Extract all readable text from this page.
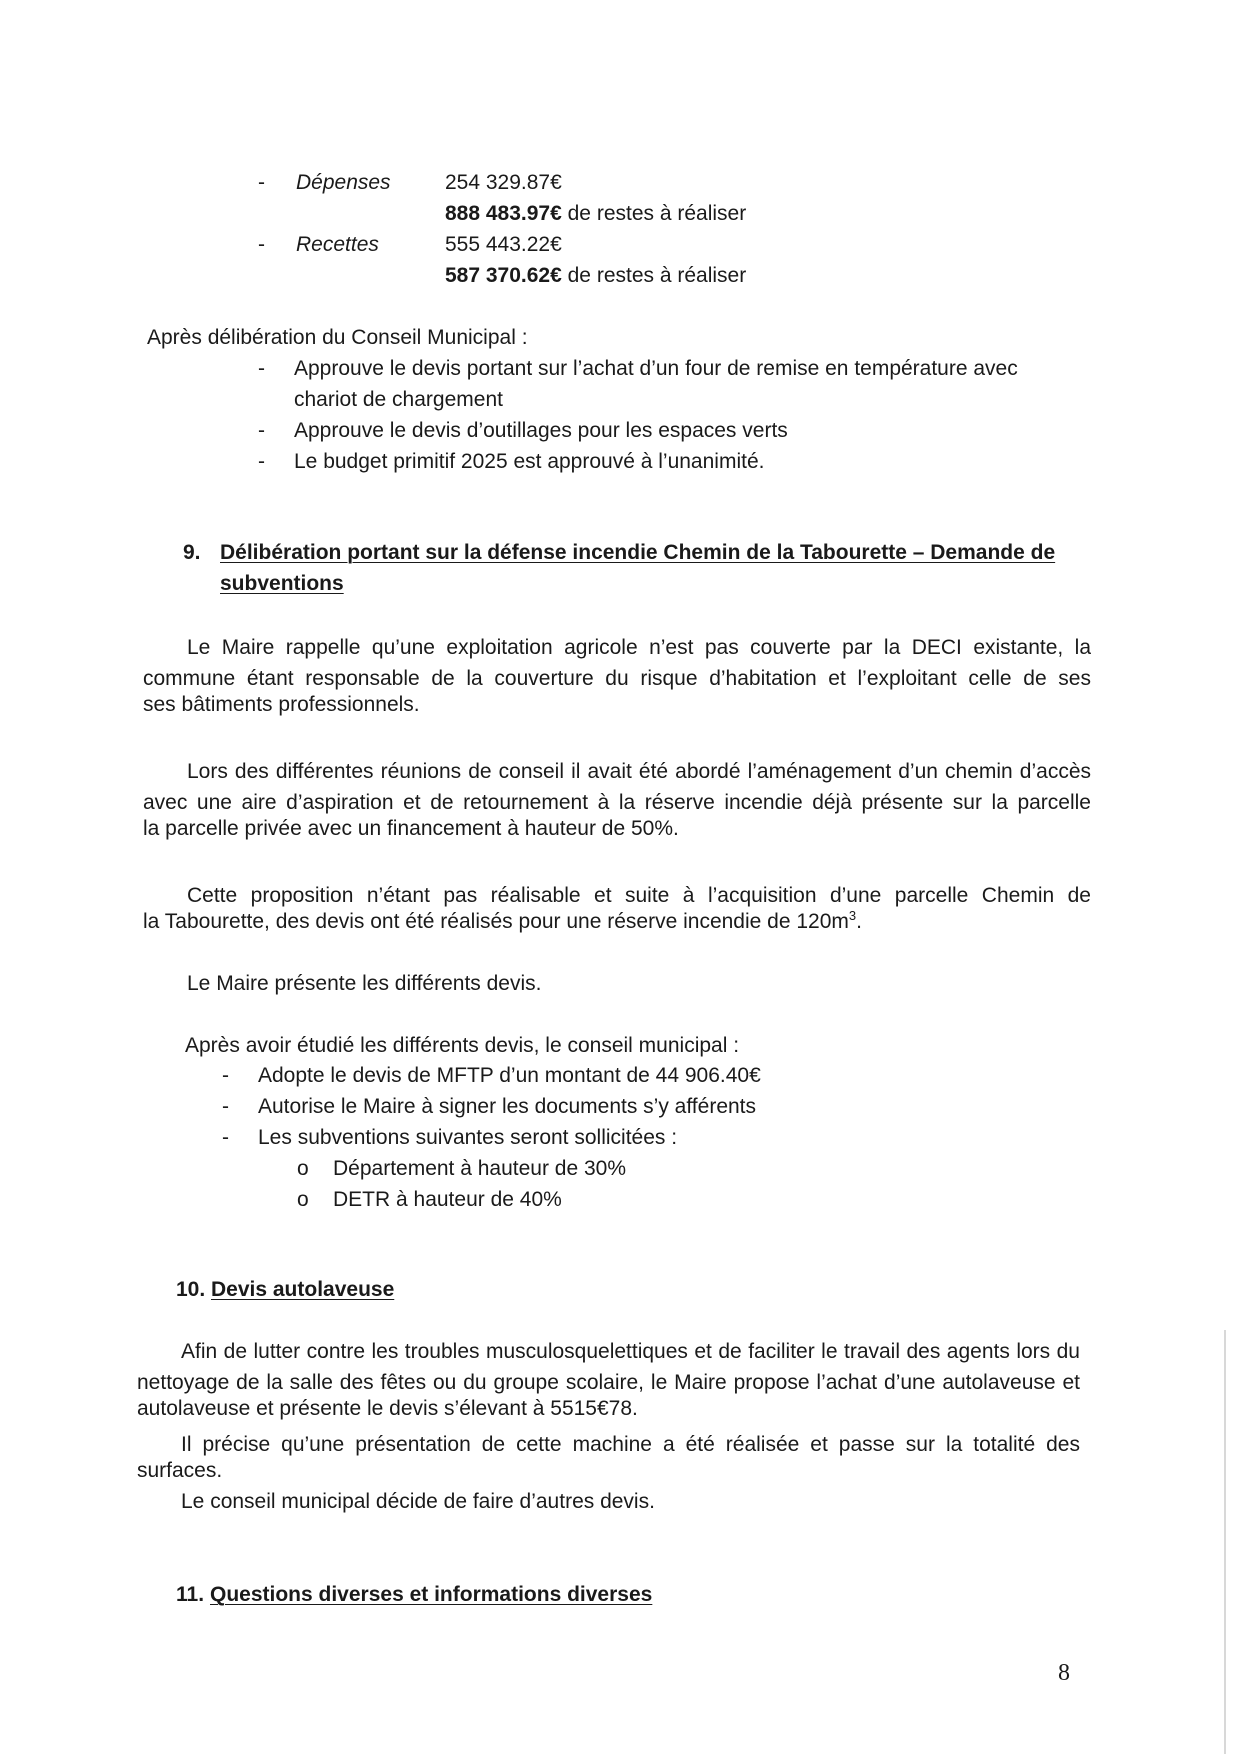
- Dépenses	254 329.87€
888 483.97€ de restes à réaliser
- Recettes	555 443.22€
587 370.62€ de restes à réaliser
Après délibération du Conseil Municipal :
- Approuve le devis portant sur l’achat d’un four de remise en température avec
chariot de chargement
- Approuve le devis d’outillages pour les espaces verts
- Le budget primitif 2025 est approuvé à l’unanimité.
9. Délibération portant sur la défense incendie Chemin de la Tabourette – Demande de
subventions
Le Maire rappelle qu’une exploitation agricole n’est pas couverte par la DECI existante, la commune étant responsable de la couverture du risque d’habitation et l’exploitant celle de ses
ses bâtiments professionnels.
Lors des différentes réunions de conseil il avait été abordé l’aménagement d’un chemin d’accès avec une aire d’aspiration et de retournement à la réserve incendie déjà présente sur la parcelle
la parcelle privée avec un financement à hauteur de 50%.
Cette proposition n’étant pas réalisable et suite à l’acquisition d’une parcelle Chemin de
la Tabourette, des devis ont été réalisés pour une réserve incendie de $120m^3$.
Le Maire présente les différents devis.
Après avoir étudié les différents devis, le conseil municipal :
- Adopte le devis de MFTP d’un montant de 44 906.40€
- Autorise le Maire à signer les documents s’y afférents
- Les subventions suivantes seront sollicitées :
o Département à hauteur de 30%
o DETR à hauteur de 40%
10. Devis autolaveuse
Afin de lutter contre les troubles musculosquelettiques et de faciliter le travail des agents lors du nettoyage de la salle des fêtes ou du groupe scolaire, le Maire propose l’achat d’une autolaveuse et
autolaveuse et présente le devis s’élevant à 5515€78.
Il précise qu’une présentation de cette machine a été réalisée et passe sur la totalité des
surfaces.
Le conseil municipal décide de faire d’autres devis.
11. Questions diverses et informations diverses
8
